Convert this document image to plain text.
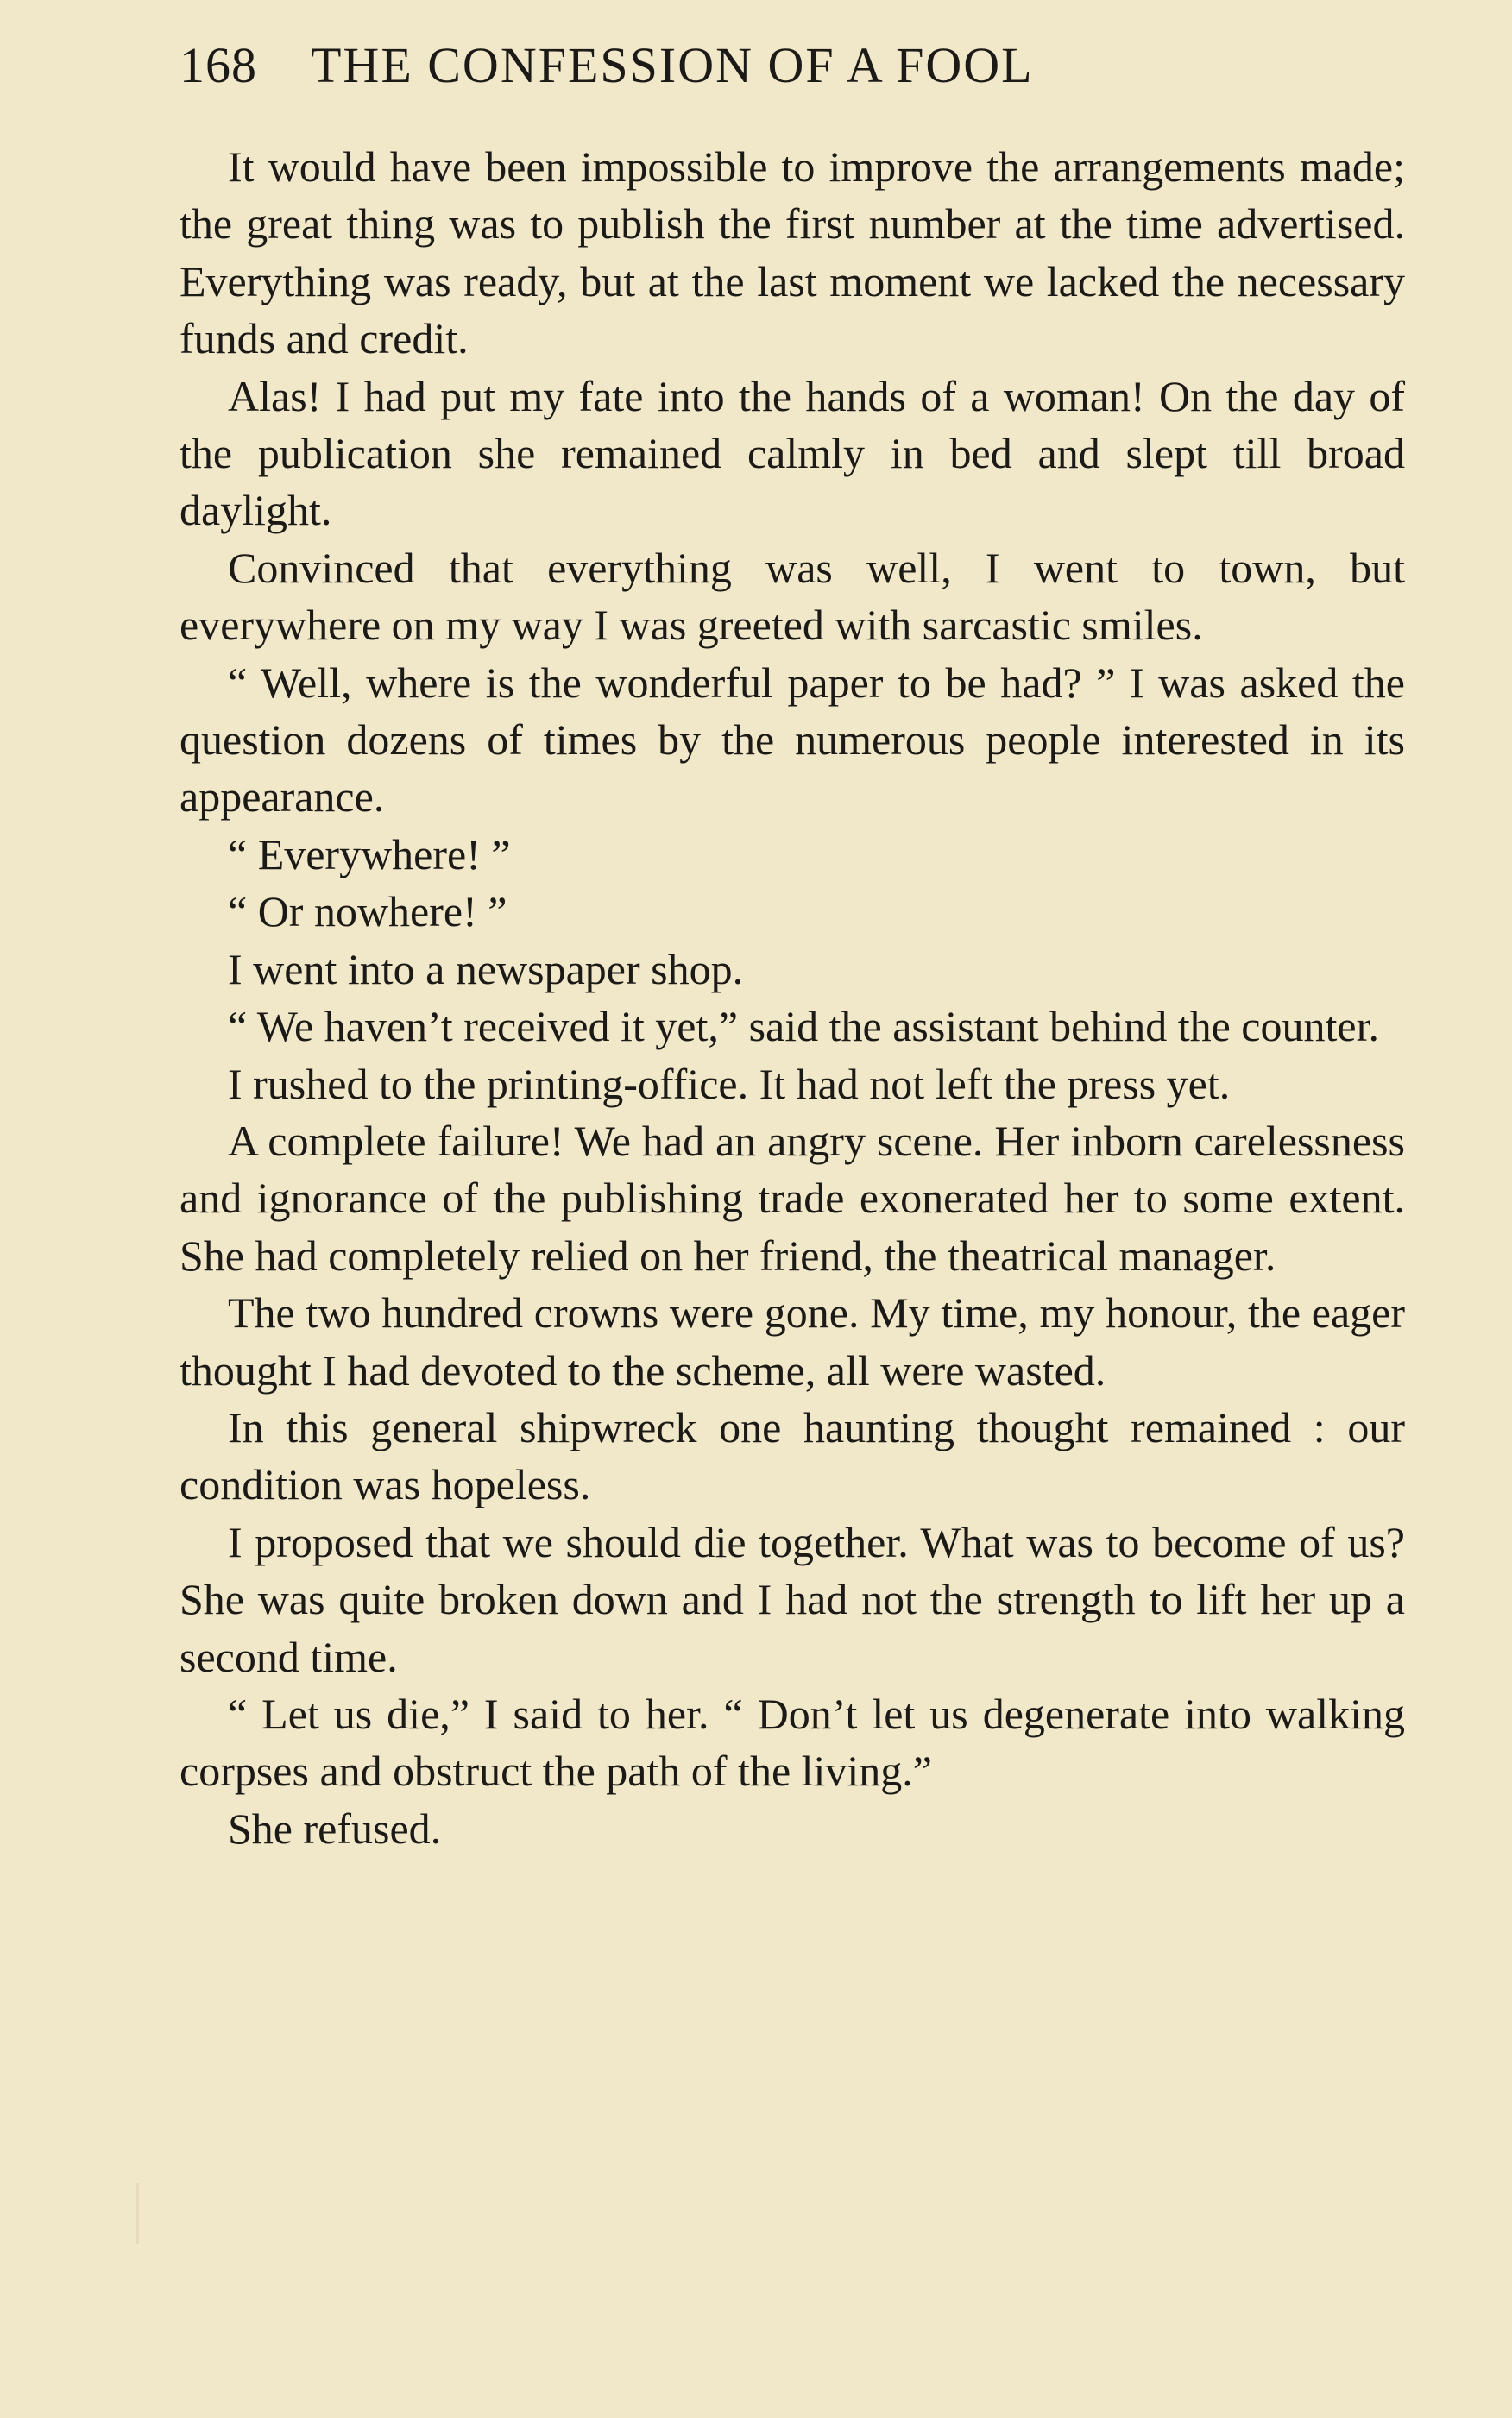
168 THE CONFESSION OF A FOOL

It would have been impossible to improve the arrangements made; the great thing was to publish the first number at the time advertised. Everything was ready, but at the last moment we lacked the necessary funds and credit.

Alas! I had put my fate into the hands of a woman! On the day of the publication she remained calmly in bed and slept till broad daylight.

Convinced that everything was well, I went to town, but everywhere on my way I was greeted with sarcastic smiles.

“ Well, where is the wonderful paper to be had? ” I was asked the question dozens of times by the numerous people interested in its appearance.

“ Everywhere! ”

“ Or nowhere! ”

I went into a newspaper shop.

“ We haven’t received it yet,” said the assistant behind the counter.

I rushed to the printing-office. It had not left the press yet.

A complete failure! We had an angry scene. Her inborn carelessness and ignorance of the publishing trade exonerated her to some extent. She had completely relied on her friend, the theatrical manager.

The two hundred crowns were gone. My time, my honour, the eager thought I had devoted to the scheme, all were wasted.

In this general shipwreck one haunting thought remained : our condition was hopeless.

I proposed that we should die together. What was to become of us? She was quite broken down and I had not the strength to lift her up a second time.

“ Let us die,” I said to her. “ Don’t let us degenerate into walking corpses and obstruct the path of the living.”

She refused.
